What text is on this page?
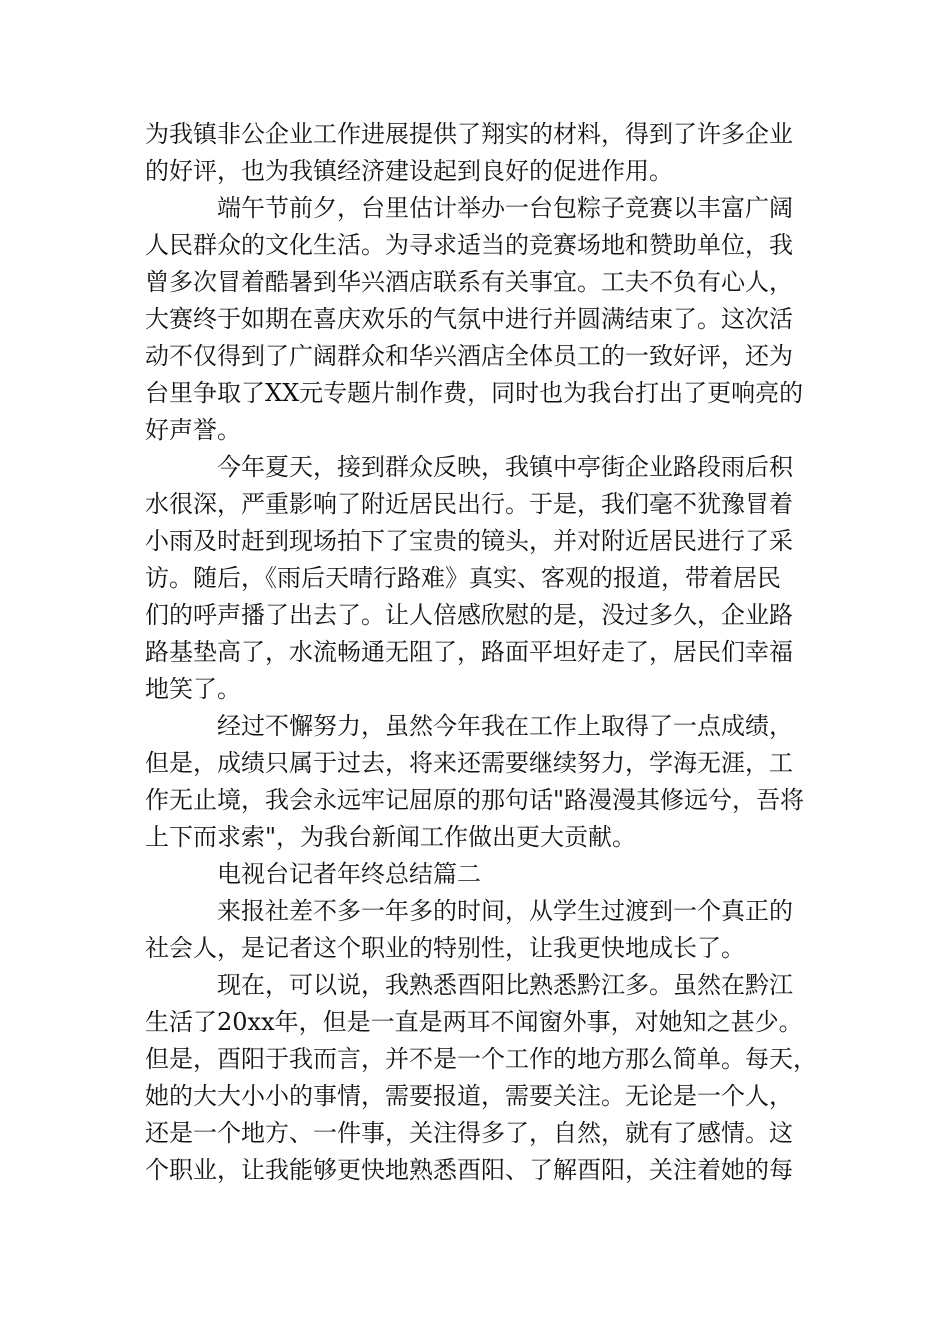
为我镇非公企业工作进展提供了翔实的材料，得到了许多企业
的好评，也为我镇经济建设起到良好的促进作用。
端午节前夕，台里估计举办一台包粽子竞赛以丰富广阔
人民群众的文化生活。为寻求适当的竞赛场地和赞助单位，我
曾多次冒着酷暑到华兴酒店联系有关事宜。工夫不负有心人，
大赛终于如期在喜庆欢乐的气氛中进行并圆满结束了。这次活
动不仅得到了广阔群众和华兴酒店全体员工的一致好评，还为
台里争取了XX元专题片制作费，同时也为我台打出了更响亮的
好声誉。
今年夏天，接到群众反映，我镇中亭街企业路段雨后积
水很深，严重影响了附近居民出行。于是，我们毫不犹豫冒着
小雨及时赶到现场拍下了宝贵的镜头，并对附近居民进行了采
访。随后，《雨后天晴行路难》真实、客观的报道，带着居民
们的呼声播了出去了。让人倍感欣慰的是，没过多久，企业路
路基垫高了，水流畅通无阻了，路面平坦好走了，居民们幸福
地笑了。
经过不懈努力，虽然今年我在工作上取得了一点成绩，
但是，成绩只属于过去，将来还需要继续努力，学海无涯，工
作无止境，我会永远牢记屈原的那句话"路漫漫其修远兮，吾将
上下而求索"，为我台新闻工作做出更大贡献。
电视台记者年终总结篇二
来报社差不多一年多的时间，从学生过渡到一个真正的
社会人，是记者这个职业的特别性，让我更快地成长了。
现在，可以说，我熟悉酉阳比熟悉黔江多。虽然在黔江
生活了20xx年，但是一直是两耳不闻窗外事，对她知之甚少。
但是，酉阳于我而言，并不是一个工作的地方那么简单。每天，
她的大大小小的事情，需要报道，需要关注。无论是一个人，
还是一个地方、一件事，关注得多了，自然，就有了感情。这
个职业，让我能够更快地熟悉酉阳、了解酉阳，关注着她的每
